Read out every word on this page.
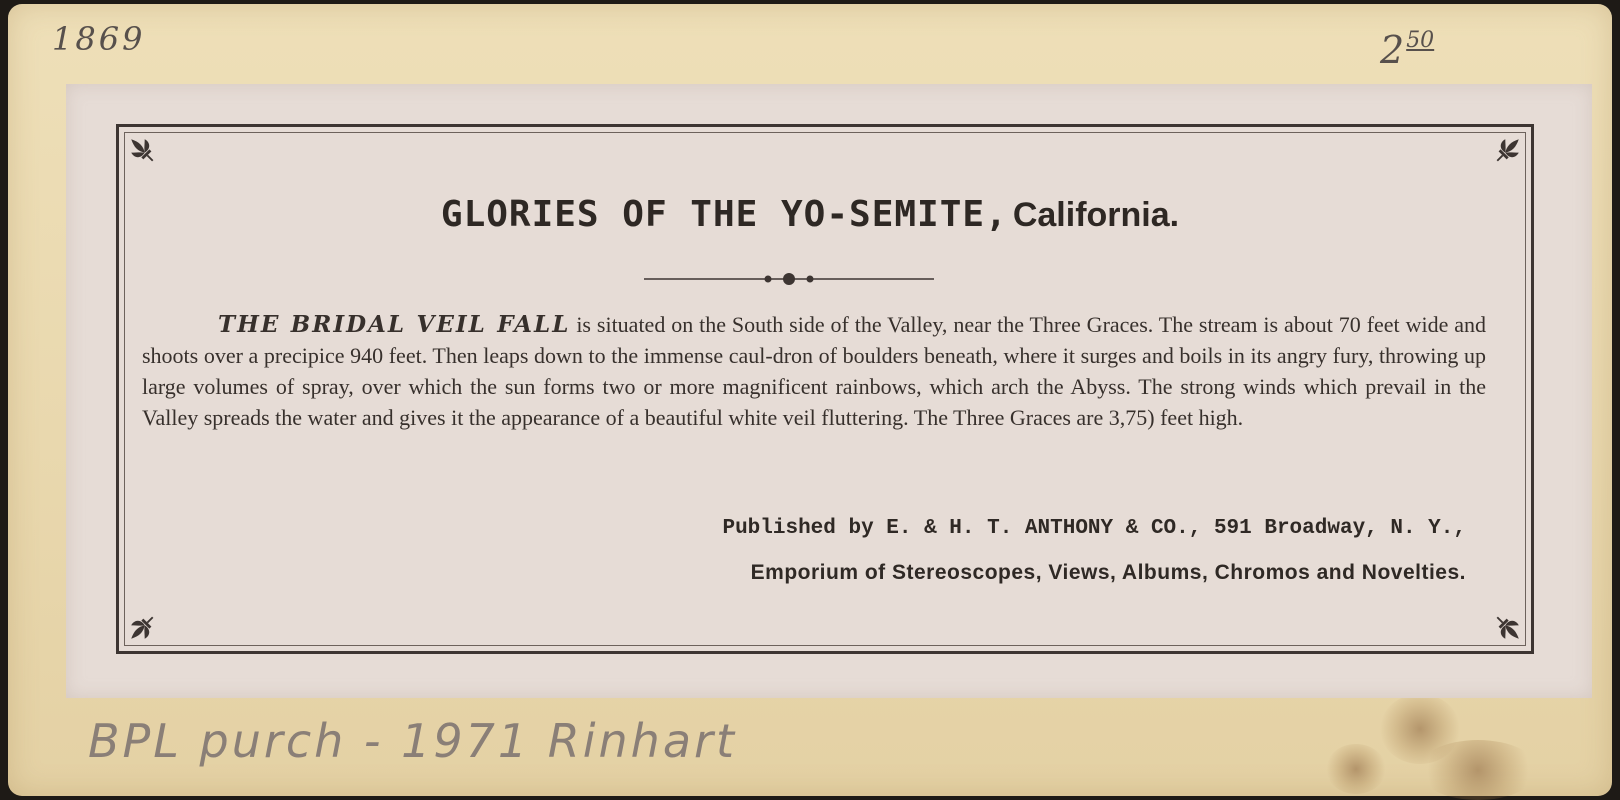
1869	$2^{50}$
GLORIES OF THE YO-SEMITE, California.
THE BRIDAL VEIL FALL is situated on the South side of the Valley, near the Three Graces. The stream is about 70 feet wide and shoots over a precipice 940 feet. Then leaps down to the immense caul-dron of boulders beneath, where it surges and boils in its angry fury, throwing up large volumes of spray, over which the sun forms two or more magnificent rainbows, which arch the Abyss. The strong winds which prevail in the Valley spreads the water and gives it the appearance of a beautiful white veil fluttering. The Three Graces are 3,75) feet high.
Published by E. & H. T. ANTHONY & CO., 591 Broadway, N. Y.,
Emporium of Stereoscopes, Views, Albums, Chromos and Novelties.
BPL purch - 1971 Rinhart
